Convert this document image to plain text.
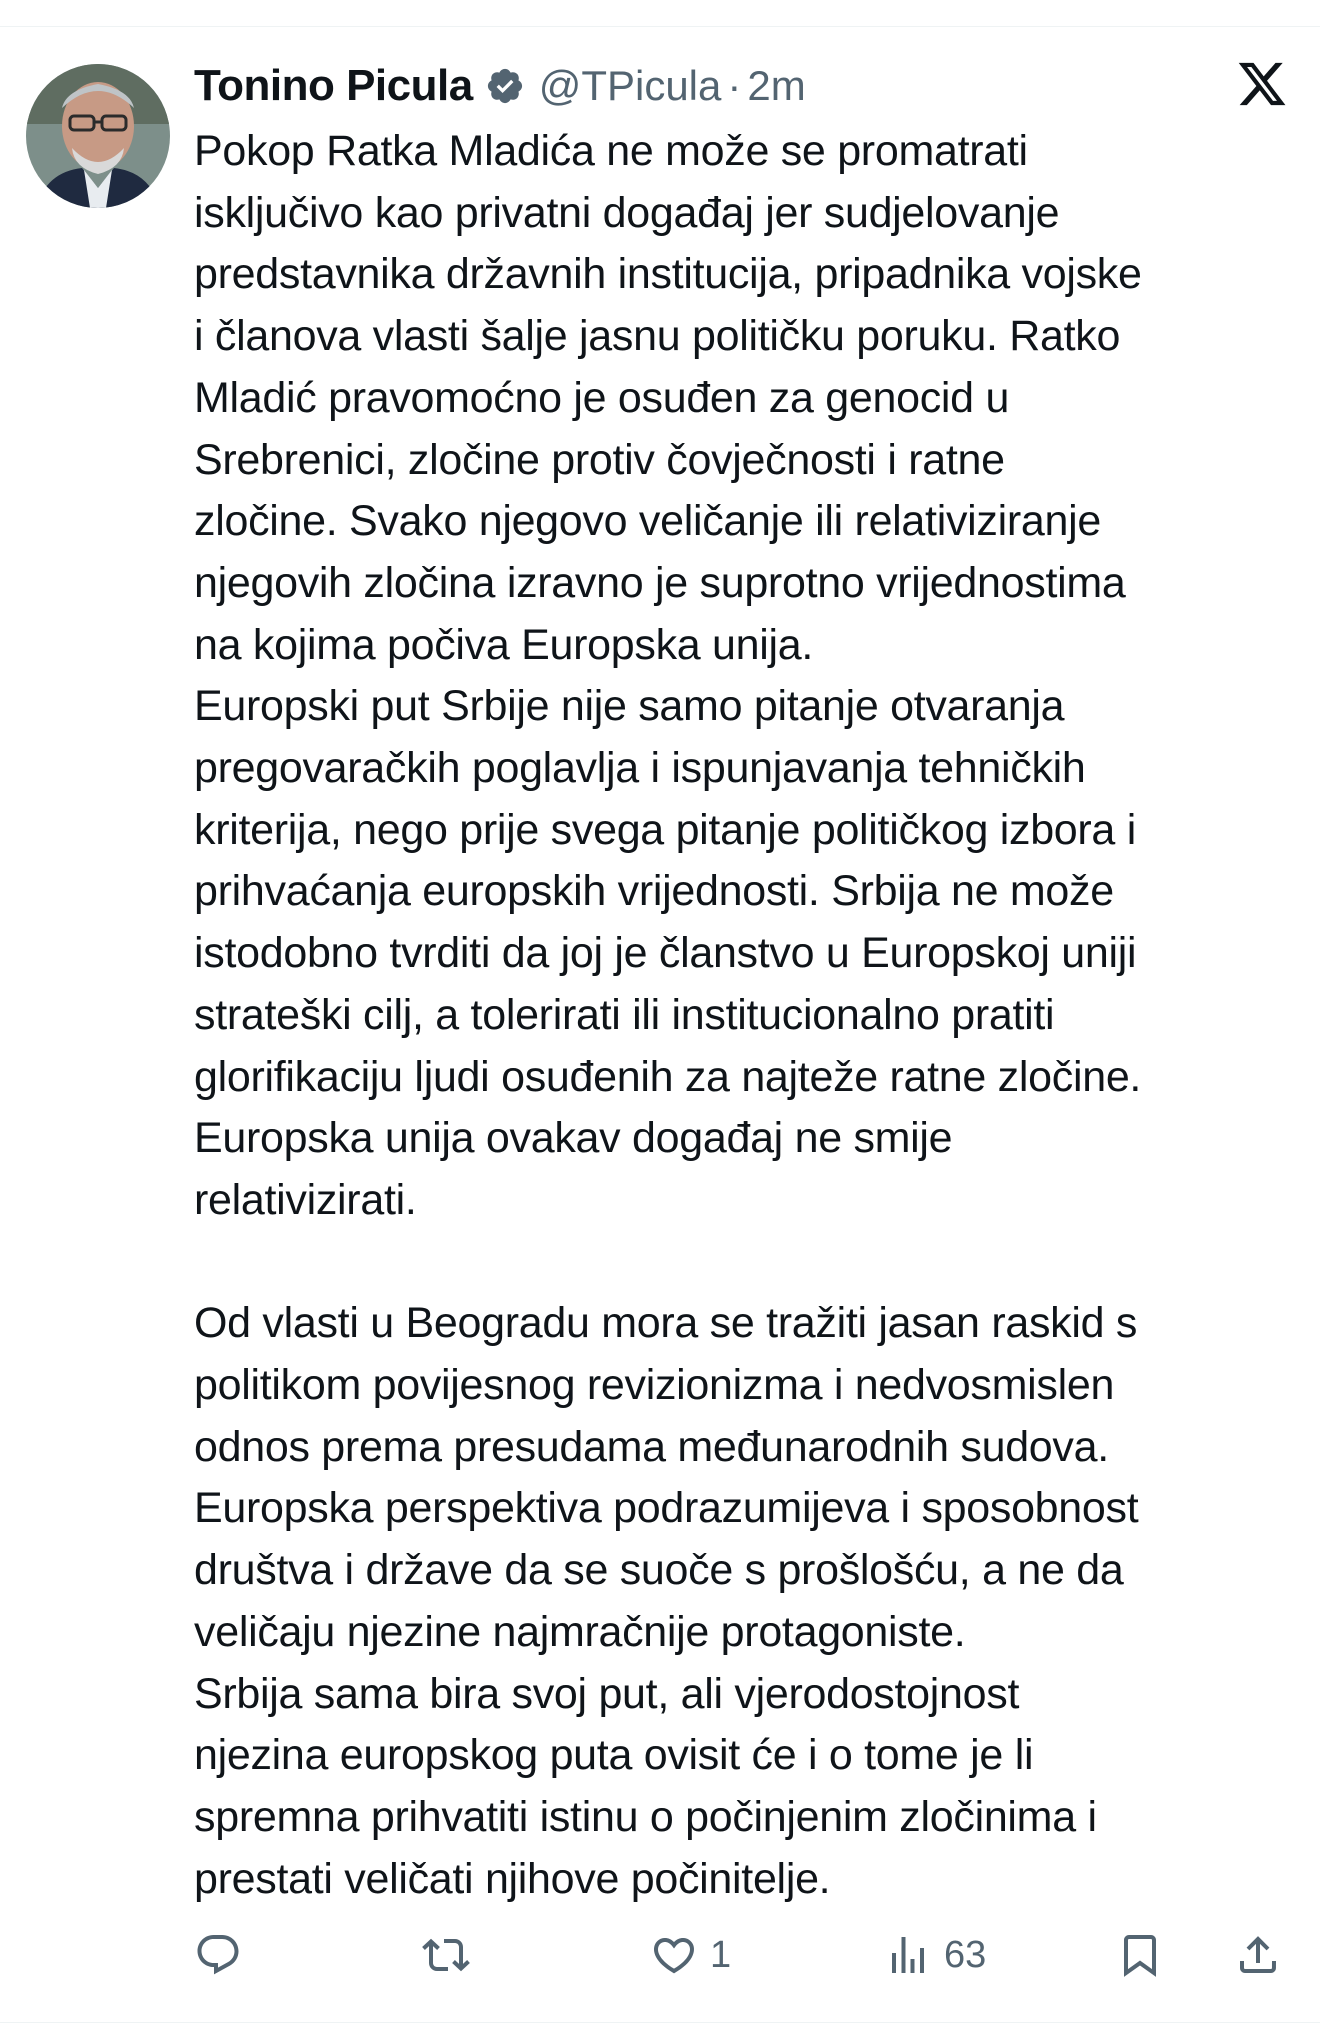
Tonino Picula @TPicula · 2m
Pokop Ratka Mladića ne može se promatrati
isključivo kao privatni događaj jer sudjelovanje
predstavnika državnih institucija, pripadnika vojske
i članova vlasti šalje jasnu političku poruku. Ratko
Mladić pravomoćno je osuđen za genocid u
Srebrenici, zločine protiv čovječnosti i ratne
zločine. Svako njegovo veličanje ili relativiziranje
njegovih zločina izravno je suprotno vrijednostima
na kojima počiva Europska unija.
Europski put Srbije nije samo pitanje otvaranja
pregovaračkih poglavlja i ispunjavanja tehničkih
kriterija, nego prije svega pitanje političkog izbora i
prihvaćanja europskih vrijednosti. Srbija ne može
istodobno tvrditi da joj je članstvo u Europskoj uniji
strateški cilj, a tolerirati ili institucionalno pratiti
glorifikaciju ljudi osuđenih za najteže ratne zločine.
Europska unija ovakav događaj ne smije
relativizirati.
Od vlasti u Beogradu mora se tražiti jasan raskid s
politikom povijesnog revizionizma i nedvosmislen
odnos prema presudama međunarodnih sudova.
Europska perspektiva podrazumijeva i sposobnost
društva i države da se suoče s prošlošću, a ne da
veličaju njezine najmračnije protagoniste.
Srbija sama bira svoj put, ali vjerodostojnost
njezina europskog puta ovisit će i o tome je li
spremna prihvatiti istinu o počinjenim zločinima i
prestati veličati njihove počinitelje.
1	63
